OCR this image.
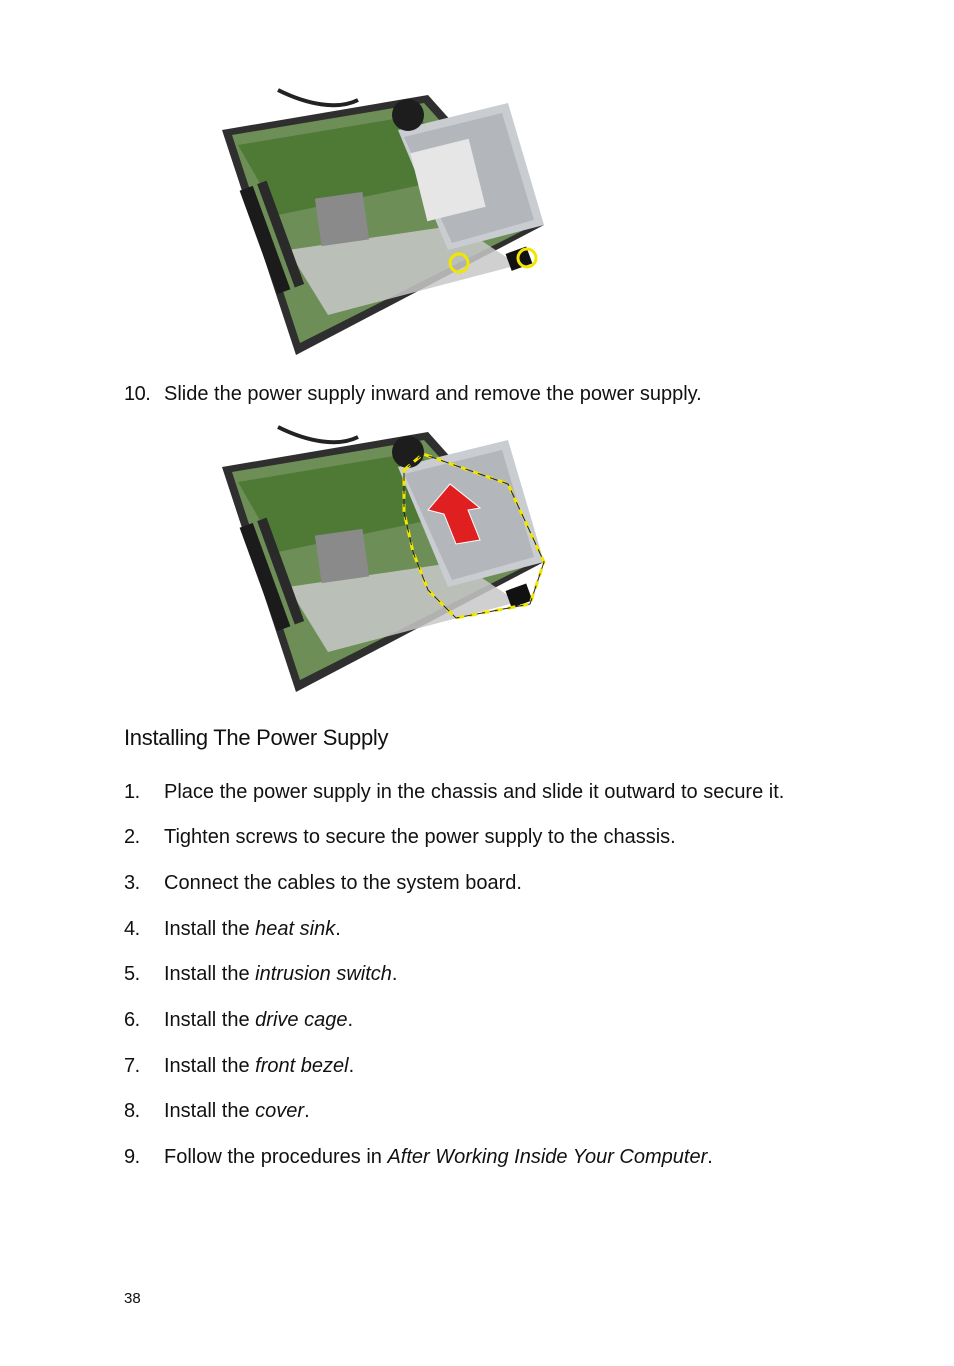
10. Slide the power supply inward and remove the power supply.
Installing The Power Supply
1. Place the power supply in the chassis and slide it outward to secure it.
2. Tighten screws to secure the power supply to the chassis.
3. Connect the cables to the system board.
4. Install the heat sink.
5. Install the intrusion switch.
6. Install the drive cage.
7. Install the front bezel.
8. Install the cover.
9. Follow the procedures in After Working Inside Your Computer.
38
